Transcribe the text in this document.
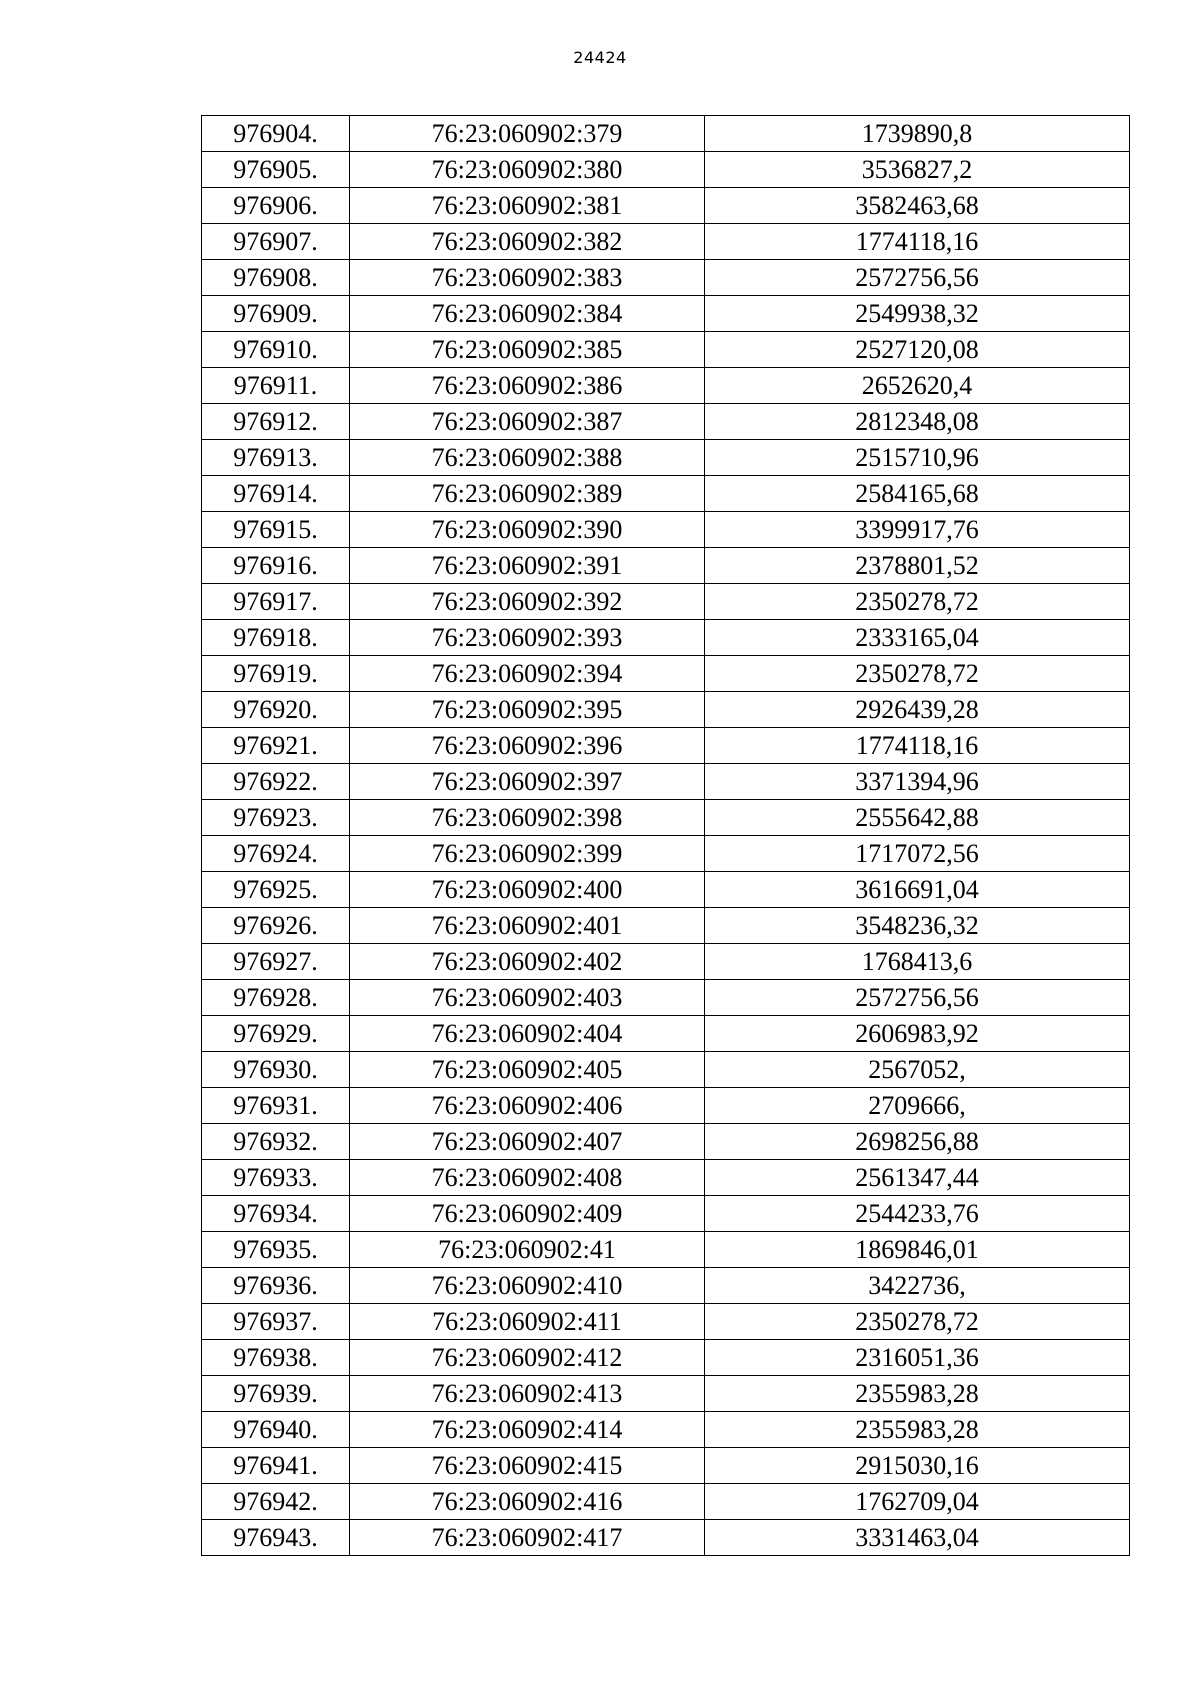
24424
976904.	76:23:060902:379	1739890,8
976905.	76:23:060902:380	3536827,2
976906.	76:23:060902:381	3582463,68
976907.	76:23:060902:382	1774118,16
976908.	76:23:060902:383	2572756,56
976909.	76:23:060902:384	2549938,32
976910.	76:23:060902:385	2527120,08
976911.	76:23:060902:386	2652620,4
976912.	76:23:060902:387	2812348,08
976913.	76:23:060902:388	2515710,96
976914.	76:23:060902:389	2584165,68
976915.	76:23:060902:390	3399917,76
976916.	76:23:060902:391	2378801,52
976917.	76:23:060902:392	2350278,72
976918.	76:23:060902:393	2333165,04
976919.	76:23:060902:394	2350278,72
976920.	76:23:060902:395	2926439,28
976921.	76:23:060902:396	1774118,16
976922.	76:23:060902:397	3371394,96
976923.	76:23:060902:398	2555642,88
976924.	76:23:060902:399	1717072,56
976925.	76:23:060902:400	3616691,04
976926.	76:23:060902:401	3548236,32
976927.	76:23:060902:402	1768413,6
976928.	76:23:060902:403	2572756,56
976929.	76:23:060902:404	2606983,92
976930.	76:23:060902:405	2567052,
976931.	76:23:060902:406	2709666,
976932.	76:23:060902:407	2698256,88
976933.	76:23:060902:408	2561347,44
976934.	76:23:060902:409	2544233,76
976935.	76:23:060902:41	1869846,01
976936.	76:23:060902:410	3422736,
976937.	76:23:060902:411	2350278,72
976938.	76:23:060902:412	2316051,36
976939.	76:23:060902:413	2355983,28
976940.	76:23:060902:414	2355983,28
976941.	76:23:060902:415	2915030,16
976942.	76:23:060902:416	1762709,04
976943.	76:23:060902:417	3331463,04
